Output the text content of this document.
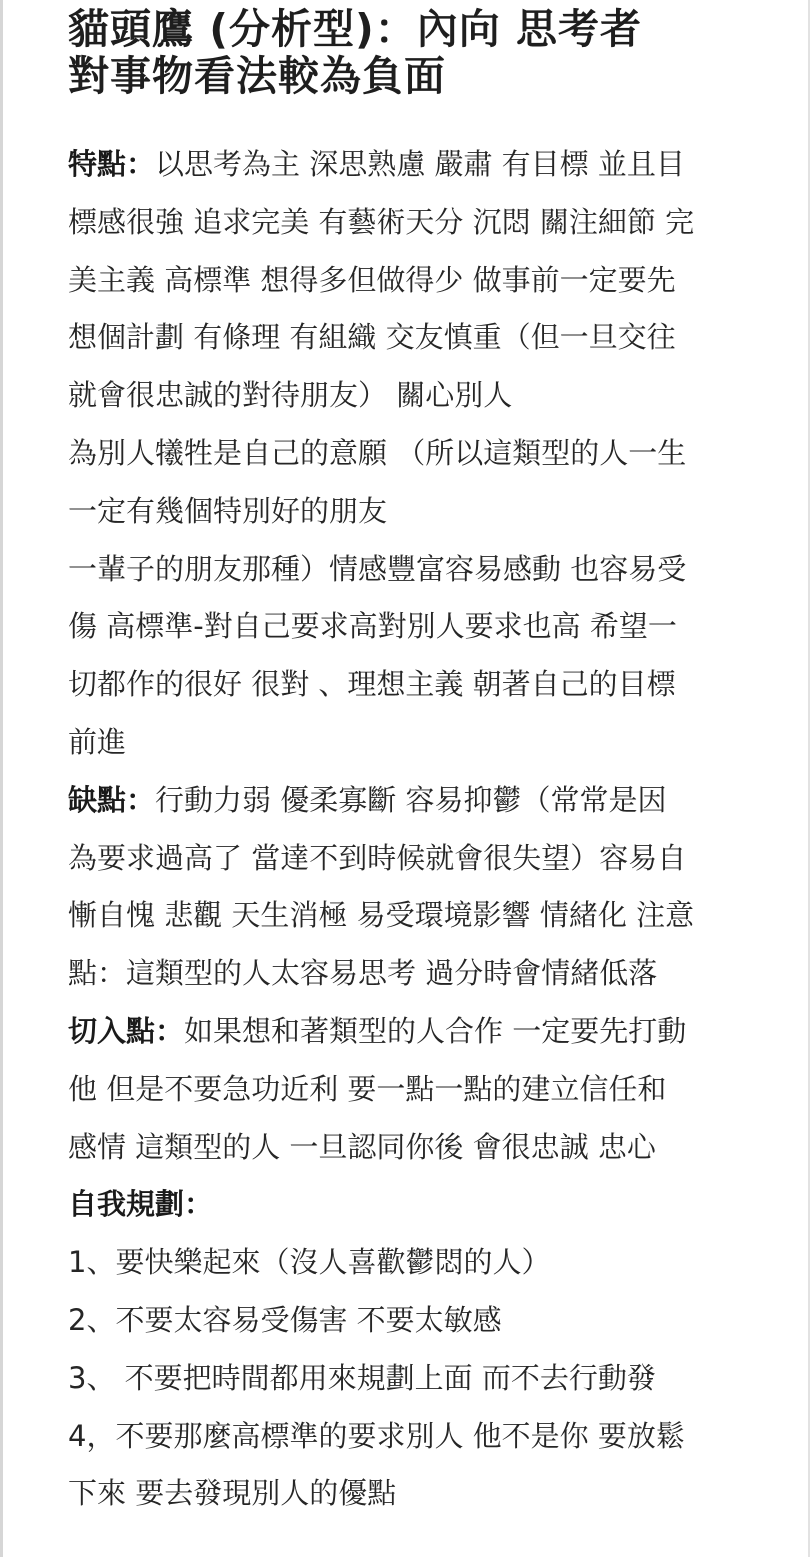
貓頭鷹 (分析型)：內向 思考者
對事物看法較為負面
特點：以思考為主 深思熟慮 嚴肅 有目標 並且目
標感很強 追求完美 有藝術天分 沉悶 關注細節 完
美主義 高標準 想得多但做得少 做事前一定要先
想個計劃 有條理 有組織 交友慎重（但一旦交往
就會很忠誠的對待朋友） 關心別人
為別人犧牲是自己的意願 （所以這類型的人一生
一定有幾個特別好的朋友
一輩子的朋友那種）情感豐富容易感動 也容易受
傷 高標準-對自己要求高對別人要求也高 希望一
切都作的很好 很對 、理想主義 朝著自己的目標
前進
缺點：行動力弱 優柔寡斷 容易抑鬱（常常是因
為要求過高了 當達不到時候就會很失望）容易自
慚自愧 悲觀 天生消極 易受環境影響 情緒化 注意
點：這類型的人太容易思考 過分時會情緒低落
切入點：如果想和著類型的人合作 一定要先打動
他 但是不要急功近利 要一點一點的建立信任和
感情 這類型的人 一旦認同你後 會很忠誠 忠心
自我規劃：
1、要快樂起來（沒人喜歡鬱悶的人）
2、不要太容易受傷害 不要太敏感
3、 不要把時間都用來規劃上面 而不去行動發
4，不要那麼高標準的要求別人 他不是你 要放鬆
下來 要去發現別人的優點
